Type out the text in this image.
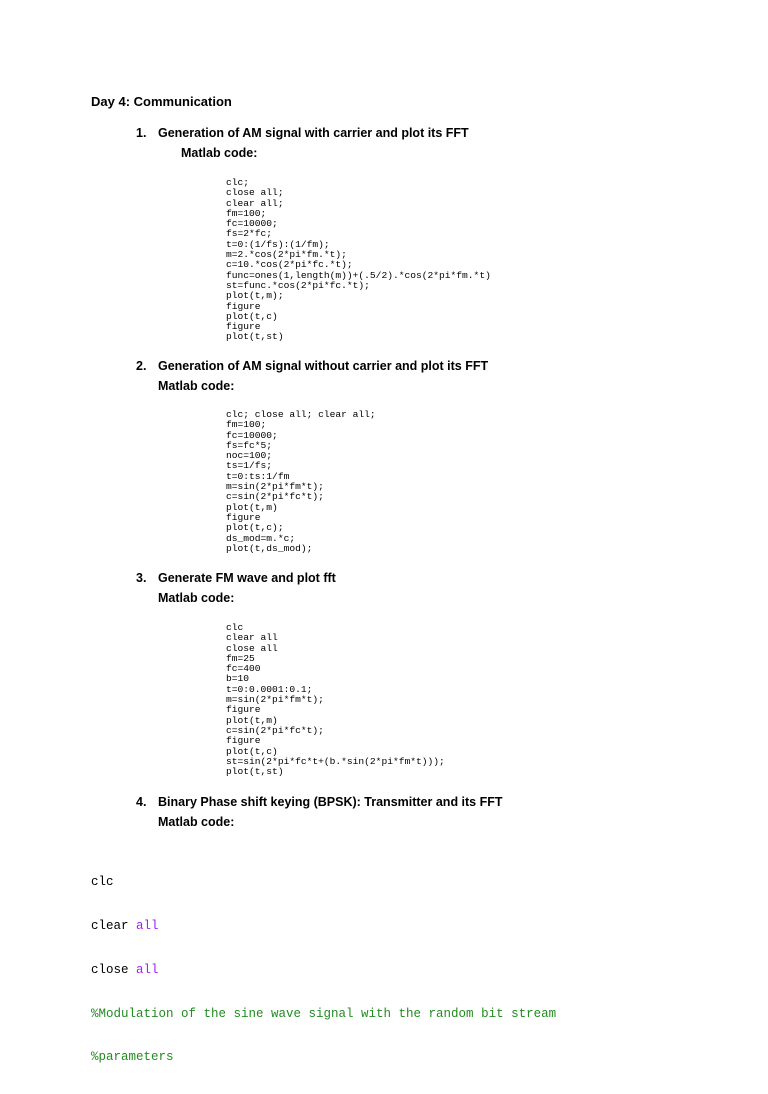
Day 4: Communication
1. Generation of AM signal with carrier and plot its FFT
Matlab code:
clc;
close all;
clear all;
fm=100;
fc=10000;
fs=2*fc;
t=0:(1/fs):(1/fm);
m=2.*cos(2*pi*fm.*t);
c=10.*cos(2*pi*fc.*t);
func=ones(1,length(m))+(.5/2).*cos(2*pi*fm.*t)
st=func.*cos(2*pi*fc.*t);
plot(t,m);
figure
plot(t,c)
figure
plot(t,st)
2. Generation of AM signal without carrier and plot its FFT
Matlab code:
clc; close all; clear all;
fm=100;
fc=10000;
fs=fc*5;
noc=100;
ts=1/fs;
t=0:ts:1/fm
m=sin(2*pi*fm*t);
c=sin(2*pi*fc*t);
plot(t,m)
figure
plot(t,c);
ds_mod=m.*c;
plot(t,ds_mod);
3. Generate FM wave and plot fft
Matlab code:
clc
clear all
close all
fm=25
fc=400
b=10
t=0:0.0001:0.1;
m=sin(2*pi*fm*t);
figure
plot(t,m)
c=sin(2*pi*fc*t);
figure
plot(t,c)
st=sin(2*pi*fc*t+(b.*sin(2*pi*fm*t)));
plot(t,st)
4. Binary Phase shift keying (BPSK): Transmitter and its FFT
Matlab code:

clc

clear all

close all

%Modulation of the sine wave signal with the random bit stream

%parameters
